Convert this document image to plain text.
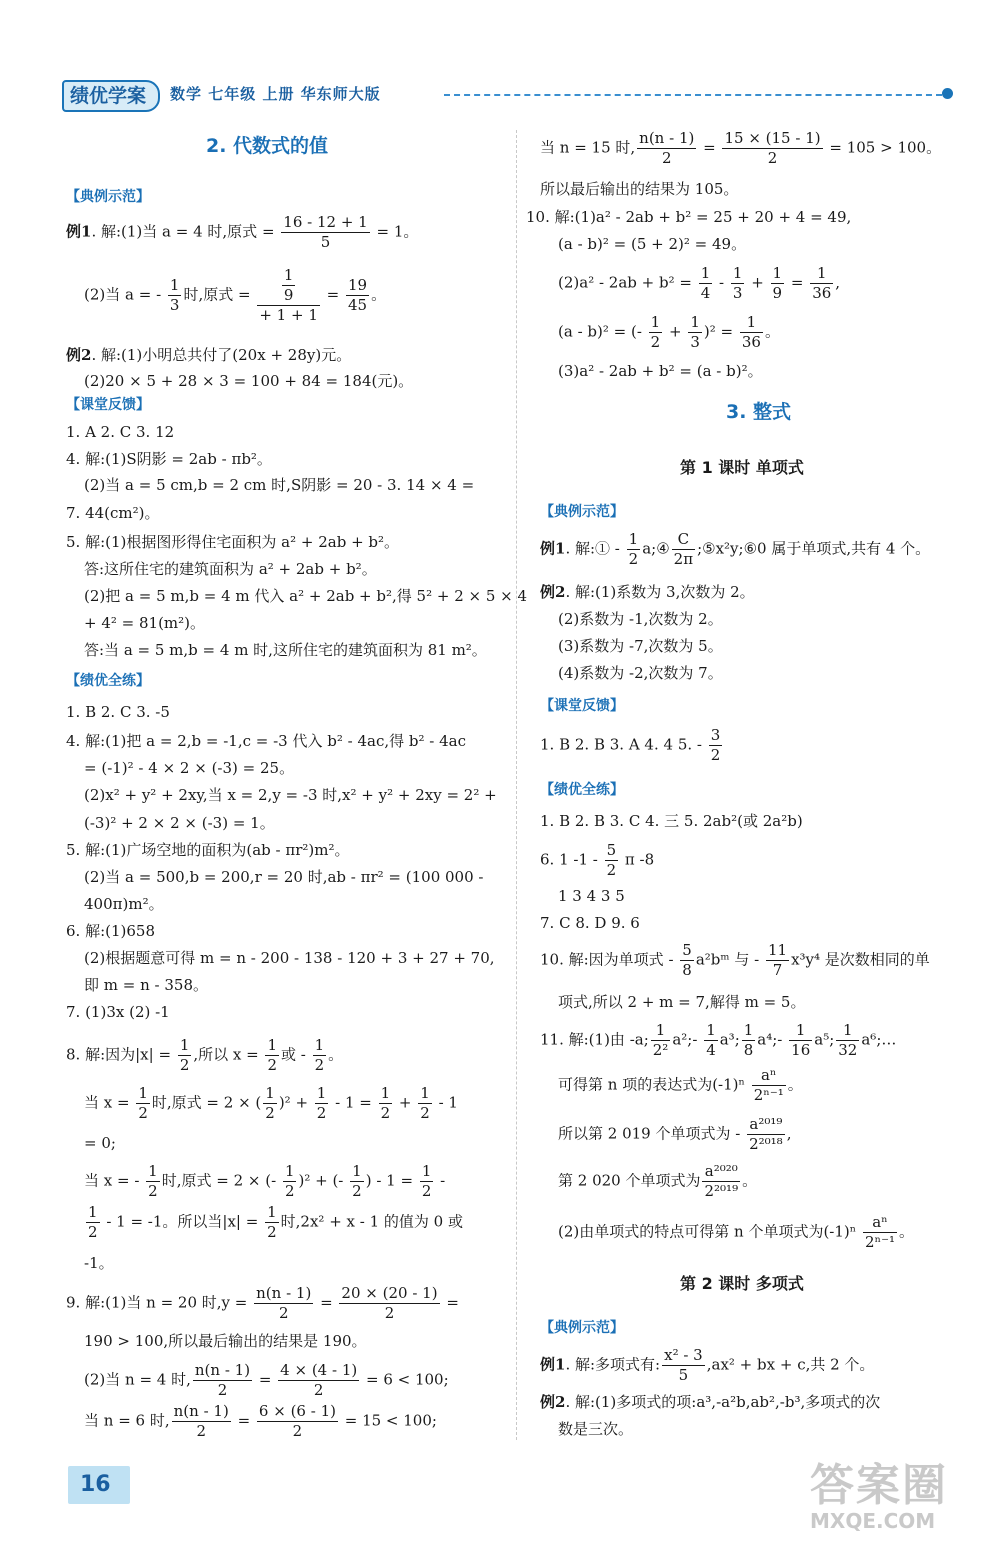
绩优学案	数学 七年级 上册 华东师大版
2. 代数式的值
【典例示范】
例1. 解:(1)当 a = 4 时,原式 = $\frac{16 - 12 + 1}{5} = 1$。
(2)当 a = - $\frac{1}{3}$ 时,原式 = $\frac{\frac{1}{9}}{+ 1 + 1} = \frac{19}{45}$ 。
例2. 解:(1)小明总共付了(20x + 28y)元。
(2)20 × 5 + 28 × 3 = 100 + 84 = 184(元)。
【课堂反馈】
1. A 2. C 3. 12
4. 解:(1)S阴影 = 2ab - πb²。
(2)当 a = 5 cm,b = 2 cm 时,S阴影 = 20 - 3. 14 × 4 =
7. 44(cm²)。
5. 解:(1)根据图形得住宅面积为 a² + 2ab + b²。
答:这所住宅的建筑面积为 a² + 2ab + b²。
(2)把 a = 5 m,b = 4 m 代入 a² + 2ab + b²,得 5² + 2 × 5 × 4
+ 4² = 81(m²)。
答:当 a = 5 m,b = 4 m 时,这所住宅的建筑面积为 81 m²。
【绩优全练】
1. B 2. C 3. -5
4. 解:(1)把 a = 2,b = -1,c = -3 代入 b² - 4ac,得 b² - 4ac
= (-1)² - 4 × 2 × (-3) = 25。
(2)x² + y² + 2xy,当 x = 2,y = -3 时,x² + y² + 2xy = 2² +
(-3)² + 2 × 2 × (-3) = 1。
5. 解:(1)广场空地的面积为(ab - πr²)m²。
(2)当 a = 500,b = 200,r = 20 时,ab - πr² = (100 000 -
400π)m²。
6. 解:(1)658
(2)根据题意可得 m = n - 200 - 138 - 120 + 3 + 27 + 70,
即 m = n - 358。
7. (1)3x (2) -1
8. 解:因为$|x| = \frac{1}{2}$ ,所以 $x = \frac{1}{2}$ 或 - $\frac{1}{2}$ 。
当 $x = \frac{1}{2}$ 时,原式 = 2 × ( $\frac{1}{2} )^2 + \frac{1}{2} - 1 = \frac{1}{2} + \frac{1}{2} - 1$
= 0;
当 x = - $\frac{1}{2}$ 时,原式 = 2 × (- $\frac{1}{2} )^2$ + (- $\frac{1}{2}$ ) - $1 = \frac{1}{2}$ -
$\frac{1}{2} - 1 = -1$。所以当$|x| = \frac{1}{2}$ 时,2x² + x - 1 的值为 0 或
-1。
9. 解:(1)当 n = 20 时$,y = \frac{n(n - 1)}{2} = \frac{20 \times (20 - 1)}{2}$ =
190 > 100,所以最后输出的结果是 190。
(2)当 n = 4 时, $\frac{n(n - 1)}{2} = \frac{4 \times (4 - 1)}{2} = 6 < 100$;
当 n = 6 时, $\frac{n(n - 1)}{2} = \frac{6 \times (6 - 1)}{2} = 15 < 100$;
当 n = 15 时, $\frac{n(n - 1)}{2} = \frac{15 \times (15 - 1)}{2} = 105 > 100$。
所以最后输出的结果为 105。
10. 解:(1)a² - 2ab + b² = 25 + 20 + 4 = 49,
(a - b)² = (5 + 2)² = 49。
$(2)a^2 - 2ab + b^2 = \frac{1}{4} - \frac{1}{3} + \frac{1}{9} = \frac{1}{36}$ ,
(a - b)² = (- $\frac{1}{2} + \frac{1}{3} )^2 = \frac{1}{36}$ 。
(3)a² - 2ab + b² = (a - b)²。
3. 整式
第 1 课时 单项式
【典例示范】
例1. 解:① - $\frac{1}{2}$ a;④ $\frac{C}{2\pi}$ ;⑤x²y;⑥0 属于单项式,共有 4 个。
例2. 解:(1)系数为 3,次数为 2。
(2)系数为 -1,次数为 2。
(3)系数为 -7,次数为 5。
(4)系数为 -2,次数为 7。
【课堂反馈】
1. B 2. B 3. A 4. 4 5. - $\frac{3}{2}$
【绩优全练】
1. B 2. B 3. C 4. 三 5. 2ab²(或 2a²b)
6. 1 $-1 - \frac{5}{2}$ π -8
1 3 4 3 5
7. C 8. D 9. 6
10. 解:因为单项式 - $\frac{5}{8}$ a²bᵐ 与 - $\frac{11}{7} x^3y^4$ 是次数相同的单
项式,所以 2 + m = 7,解得 m = 5。
11. 解:(1)由 -a; $\frac{1}{\text{2²}}$ a²;- $\frac{1}{4} a^3$; $\frac{1}{8}$ a⁴;- $\frac{1}{16} a^5$; $\frac{1}{32}$ a⁶;…
可得第 n 项的表达式为$(-1)^n \frac{\text{aⁿ}}{\text{2ⁿ⁻¹}}$ 。
所以第 2 019 个单项式为 - $\frac{\text{a²⁰¹⁹}}{\text{2²⁰¹⁸}}$ ,
第 2 020 个单项式为 $\frac{\text{a²⁰²⁰}}{\text{2²⁰¹⁹}}$ 。
(2)由单项式的特点可得第 n 个单项式为$(-1)^n \frac{\text{aⁿ}}{\text{2ⁿ⁻¹}}$ 。
第 2 课时 多项式
【典例示范】
例1. 解:多项式有: $\frac{\text{x² - 3}}{5} ,ax^2$ + bx + c,共 2 个。
例2. 解:(1)多项式的项:a³,-a²b,ab²,-b³,多项式的次
数是三次。
16	答案圈
MXQE.COM
